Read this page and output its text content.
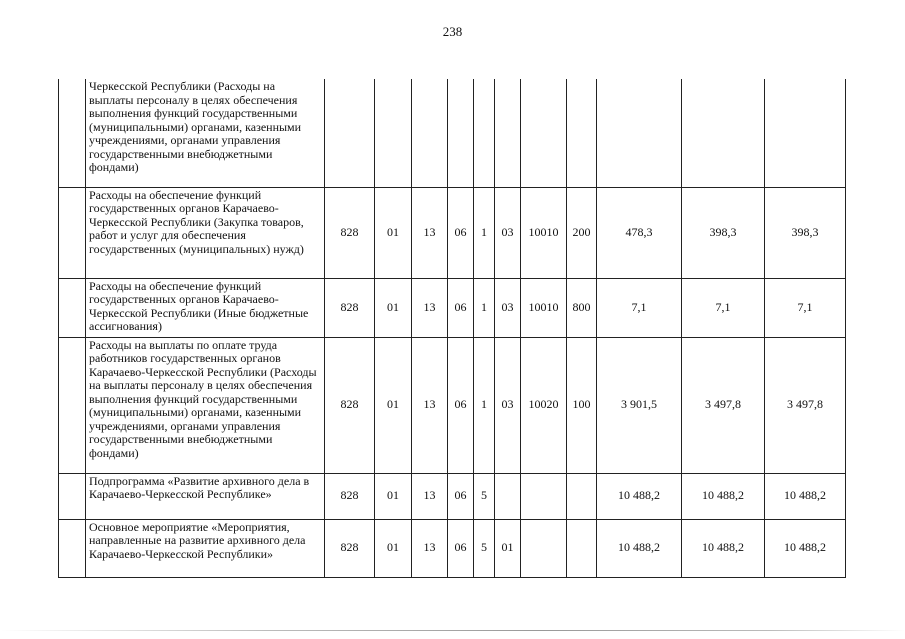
238
	Черкесской Республики (Расходы на выплаты персоналу в целях обеспечения выполнения функций государственными (муниципальными) органами, казенными учреждениями, органами управления государственными внебюджетными фондами)											
	Расходы на обеспечение функций государственных органов Карачаево-Черкесской Республики (Закупка товаров, работ и услуг для обеспечения государственных (муниципальных) нужд)	828	01	13	06	1	03	10010	200	478,3	398,3	398,3
	Расходы на обеспечение функций государственных органов Карачаево-Черкесской Республики (Иные бюджетные ассигнования)	828	01	13	06	1	03	10010	800	7,1	7,1	7,1
	Расходы на выплаты по оплате труда работников государственных органов Карачаево-Черкесской Республики (Расходы на выплаты персоналу в целях обеспечения выполнения функций государственными (муниципальными) органами, казенными учреждениями, органами управления государственными внебюджетными фондами)	828	01	13	06	1	03	10020	100	3 901,5	3 497,8	3 497,8
	Подпрограмма «Развитие архивного дела в Карачаево-Черкесской Республике»	828	01	13	06	5				10 488,2	10 488,2	10 488,2
	Основное мероприятие «Мероприятия, направленные на развитие архивного дела Карачаево-Черкесской Республики»	828	01	13	06	5	01			10 488,2	10 488,2	10 488,2
